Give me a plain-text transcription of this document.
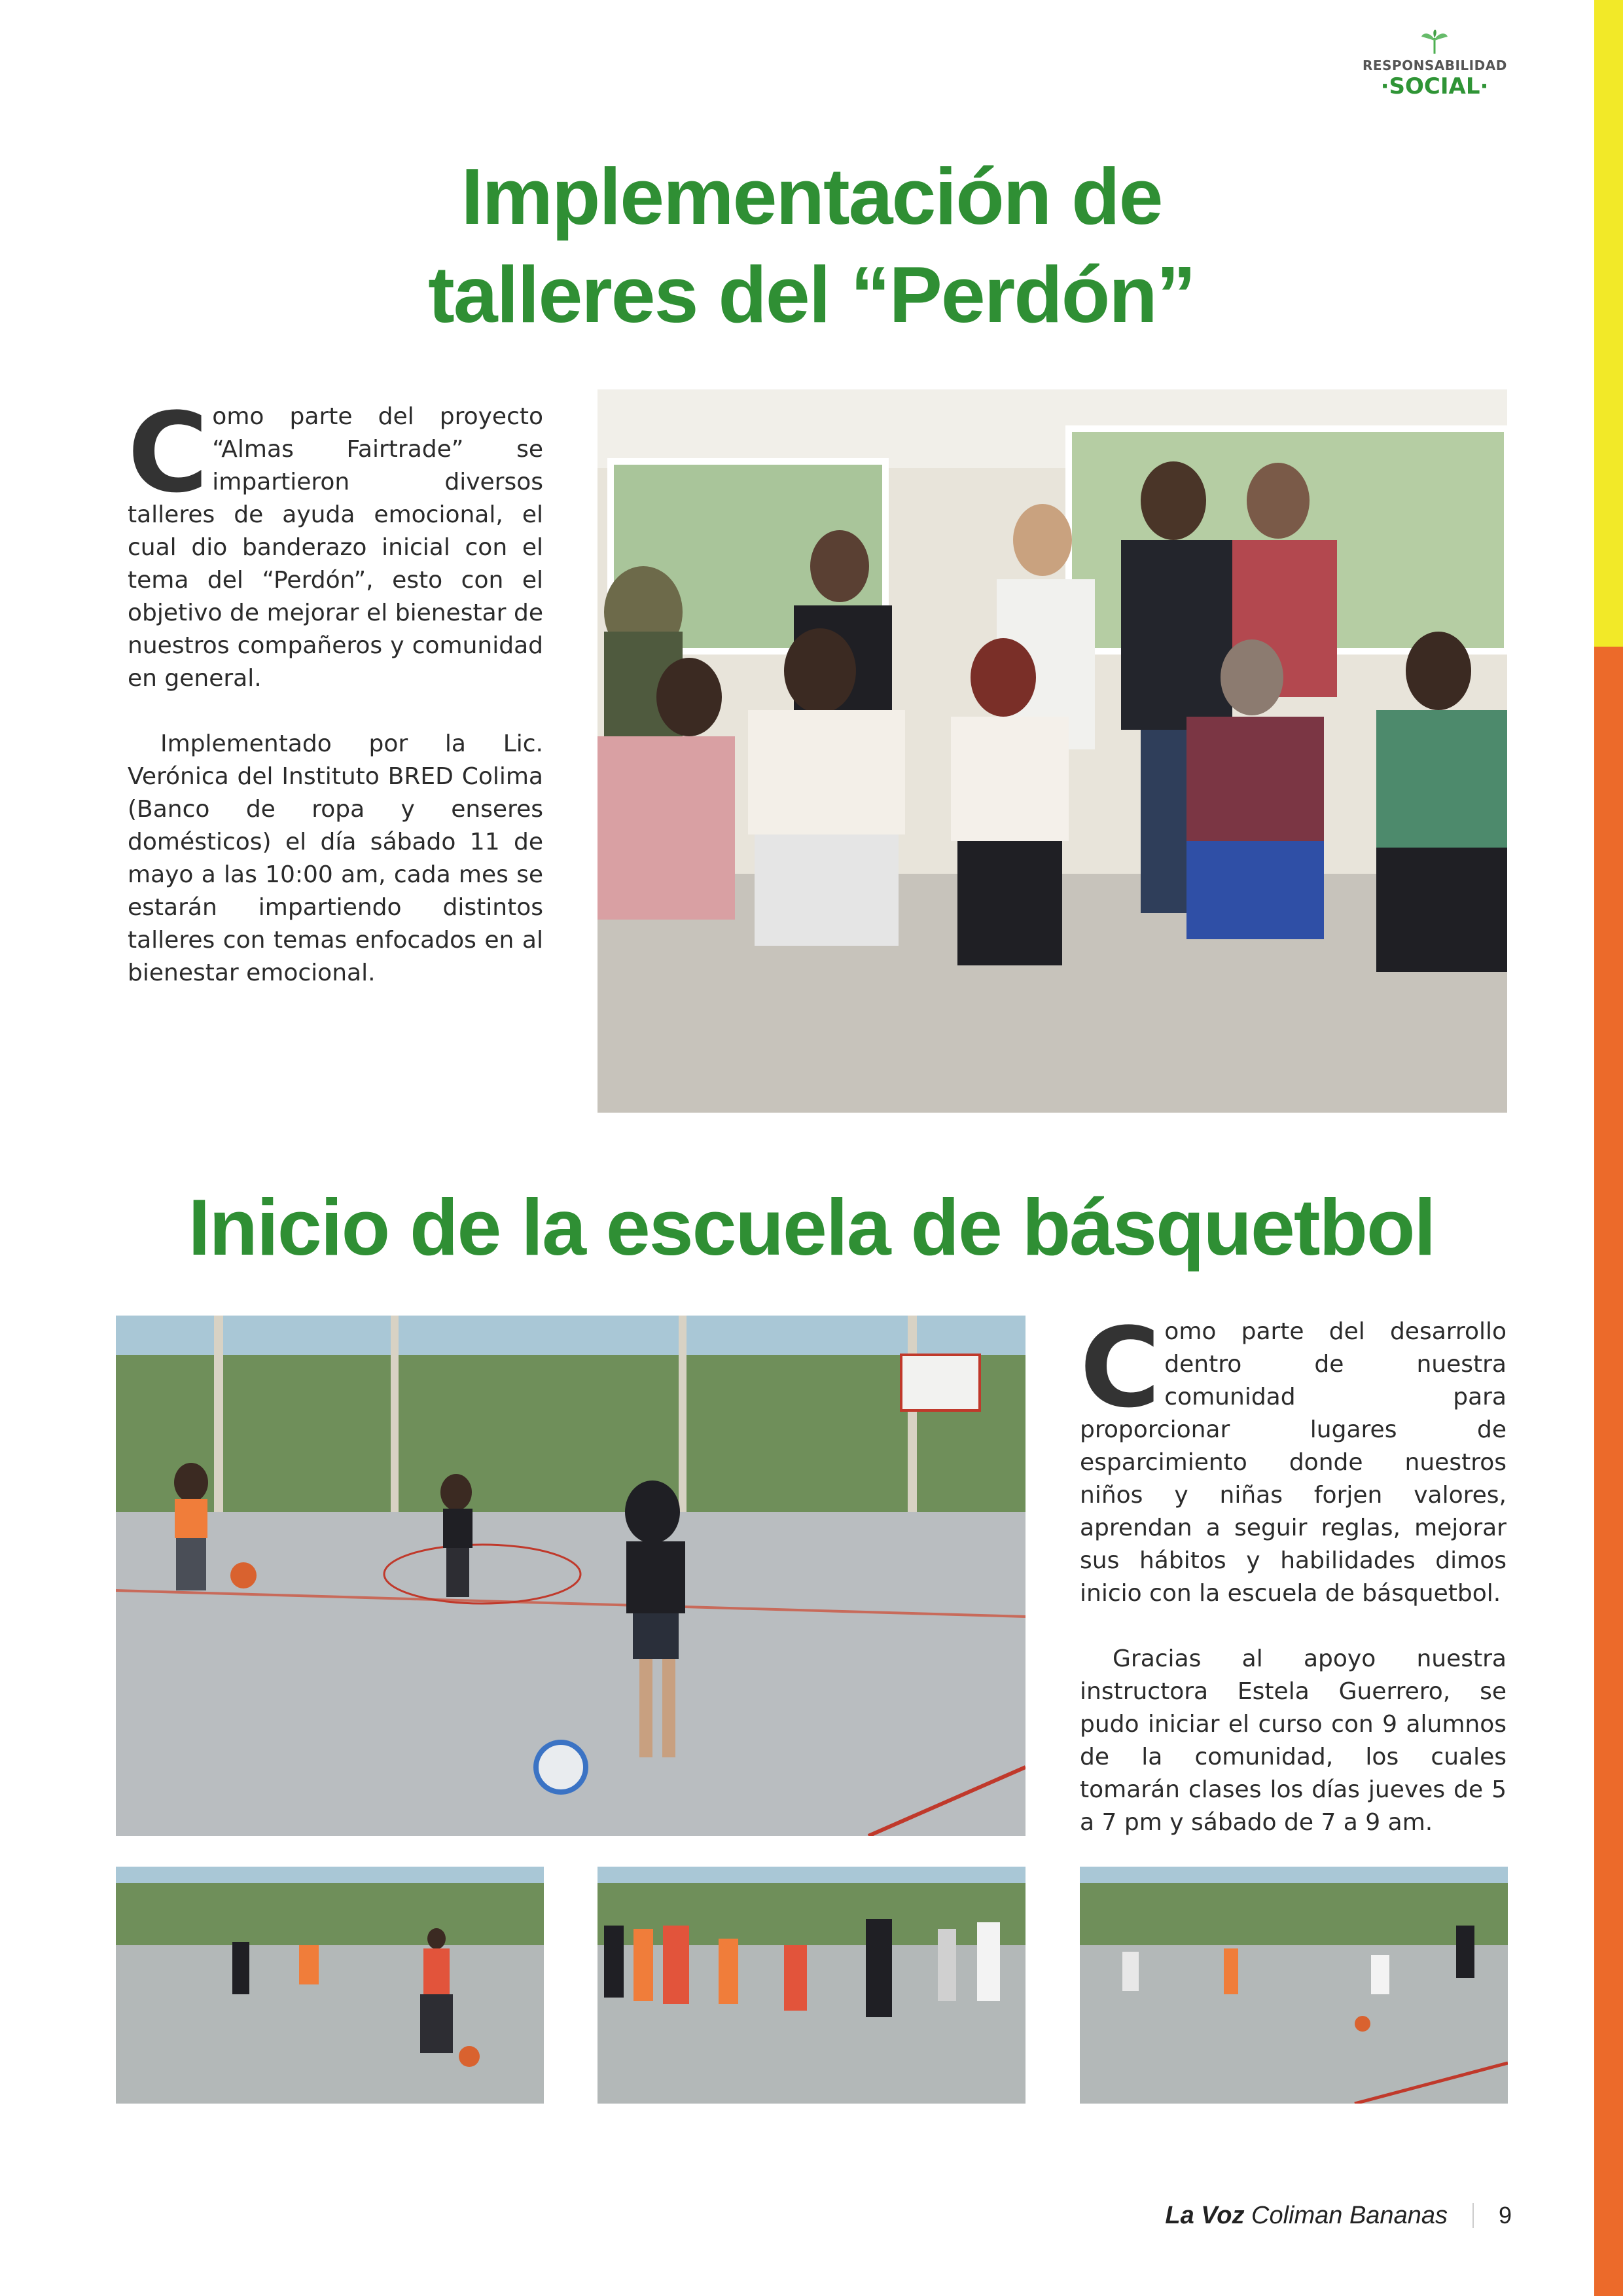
RESPONSABILIDAD
·SOCIAL·
Implementación de
talleres del “Perdón”

Como parte del proyecto “Almas Fairtrade” se impartieron diversos talleres de ayuda emocional, el cual dio banderazo inicial con el tema del “Perdón”, esto con el objetivo de mejorar el bienestar de nuestros compañeros y comunidad en general.

Implementado por la Lic. Verónica del Instituto BRED Colima (Banco de ropa y enseres domésticos) el día sábado 11 de mayo a las 10:00 am, cada mes se estarán impartiendo distintos talleres con temas enfocados en al bienestar emocional.

Inicio de la escuela de básquetbol

Como parte del desarrollo dentro de nuestra comunidad para proporcionar lugares de esparcimiento donde nuestros niños y niñas forjen valores, aprendan a seguir reglas, mejorar sus hábitos y habilidades dimos inicio con la escuela de básquetbol.

Gracias al apoyo nuestra instructora Estela Guerrero, se pudo iniciar el curso con 9 alumnos de la comunidad, los cuales tomarán clases los días jueves de 5 a 7 pm y sábado de 7 a 9 am.

La Voz Coliman Bananas 9
